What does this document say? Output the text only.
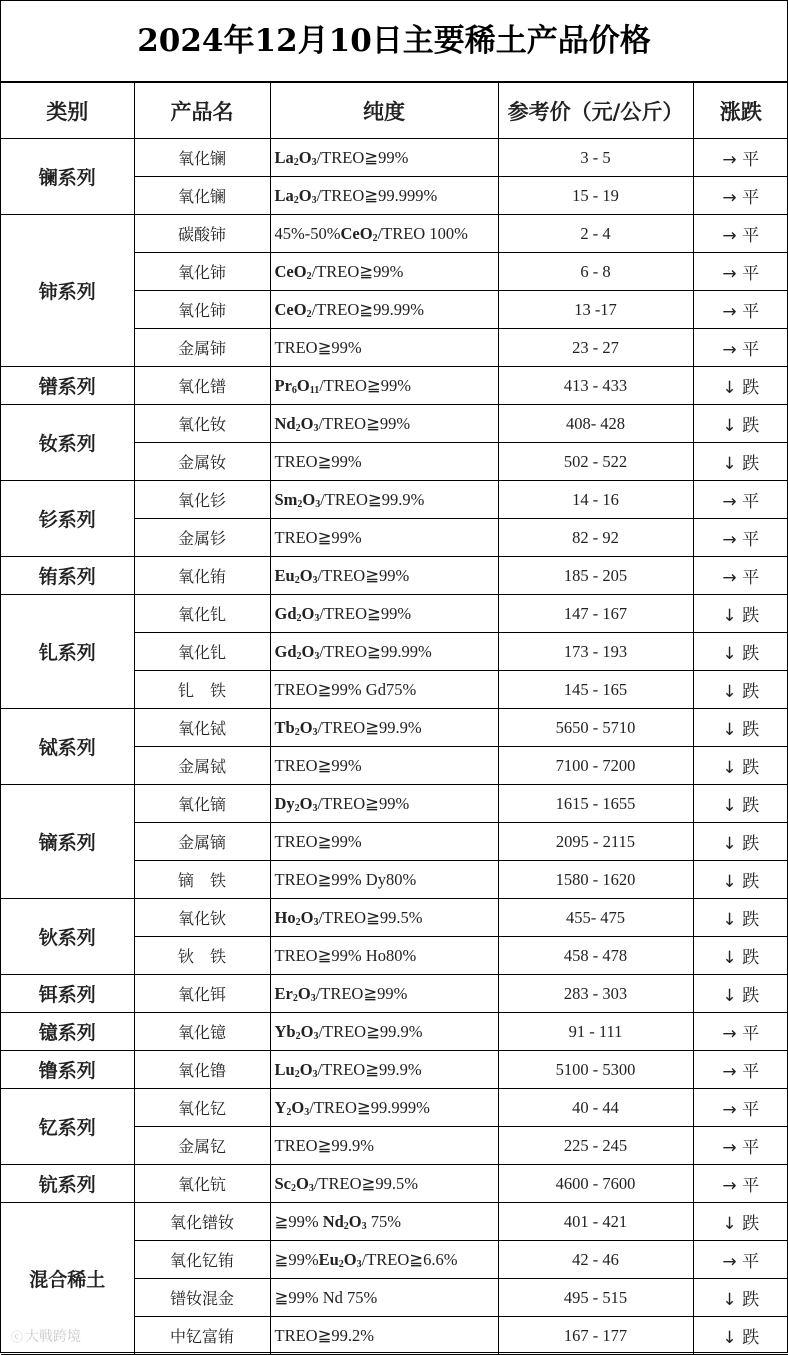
2024年12月10日主要稀土产品价格
类别	产品名	纯度	参考价（元/公斤）	涨跌
镧系列	氧化镧	$La_2O_3/TREO≧99\%$	3 - 5	→ 平
	氧化镧	$La_2O_3/TREO≧99.999\%$	15 - 19	→ 平
铈系列	碳酸铈	45%-50%CeO$_2$/TREO 100%	2 - 4	→ 平
	氧化铈	CeO$_2$/TREO≧99%	6 - 8	→ 平
	氧化铈	CeO$_2$/TREO≧99.99%	13 -17	→ 平
	金属铈	TREO≧99%	23 - 27	→ 平
镨系列	氧化镨	$Pr_6O_{11}/TREO≧99\%$	413 - 433	↓ 跌
钕系列	氧化钕	$Nd_2O_3/TREO≧99\%$	408- 428	↓ 跌
	金属钕	TREO≧99%	502 - 522	↓ 跌
钐系列	氧化钐	$Sm_2O_3/TREO≧99.9\%$	14 - 16	→ 平
	金属钐	TREO≧99%	82 - 92	→ 平
铕系列	氧化铕	$Eu_2O_3/TREO≧99\%$	185 - 205	→ 平
钆系列	氧化钆	$Gd_2O_3/TREO≧99\%$	147 - 167	↓ 跌
	氧化钆	$Gd_2O_3/TREO≧99.99\%$	173 - 193	↓ 跌
	钆　铁	TREO≧99% Gd75%	145 - 165	↓ 跌
铽系列	氧化铽	$Tb_2O_3/TREO≧99.9\%$	5650 - 5710	↓ 跌
	金属铽	TREO≧99%	7100 - 7200	↓ 跌
镝系列	氧化镝	$Dy_2O_3/TREO≧99\%$	1615 - 1655	↓ 跌
	金属镝	TREO≧99%	2095 - 2115	↓ 跌
	镝　铁	TREO≧99% Dy80%	1580 - 1620	↓ 跌
钬系列	氧化钬	$Ho_2O_3/TREO≧99.5\%$	455- 475	↓ 跌
	钬　铁	TREO≧99% Ho80%	458 - 478	↓ 跌
铒系列	氧化铒	$Er_2O_3/TREO≧99\%$	283 - 303	↓ 跌
镱系列	氧化镱	$Yb_2O_3/TREO≧99.9\%$	91 - 111	→ 平
镥系列	氧化镥	$Lu_2O_3/TREO≧99.9\%$	5100 - 5300	→ 平
钇系列	氧化钇	$Y_2O_3/TREO≧99.999\%$	40 - 44	→ 平
	金属钇	TREO≧99.9%	225 - 245	→ 平
钪系列	氧化钪	$Sc_2O_3/TREO≧99.5\%$	4600 - 7600	→ 平
混合稀土	氧化镨钕	≧99% $Nd_2O_3$ 75%	401 - 421	↓ 跌
	氧化钇铕	$≧99\%Eu_2O_3/TREO≧6.6\%$	42 - 46	→ 平
	镨钕混金	≧99% Nd 75%	495 - 515	↓ 跌
	中钇富铕	TREO≧99.2%	167 - 177	↓ 跌
ⓒ 大戦跨境
